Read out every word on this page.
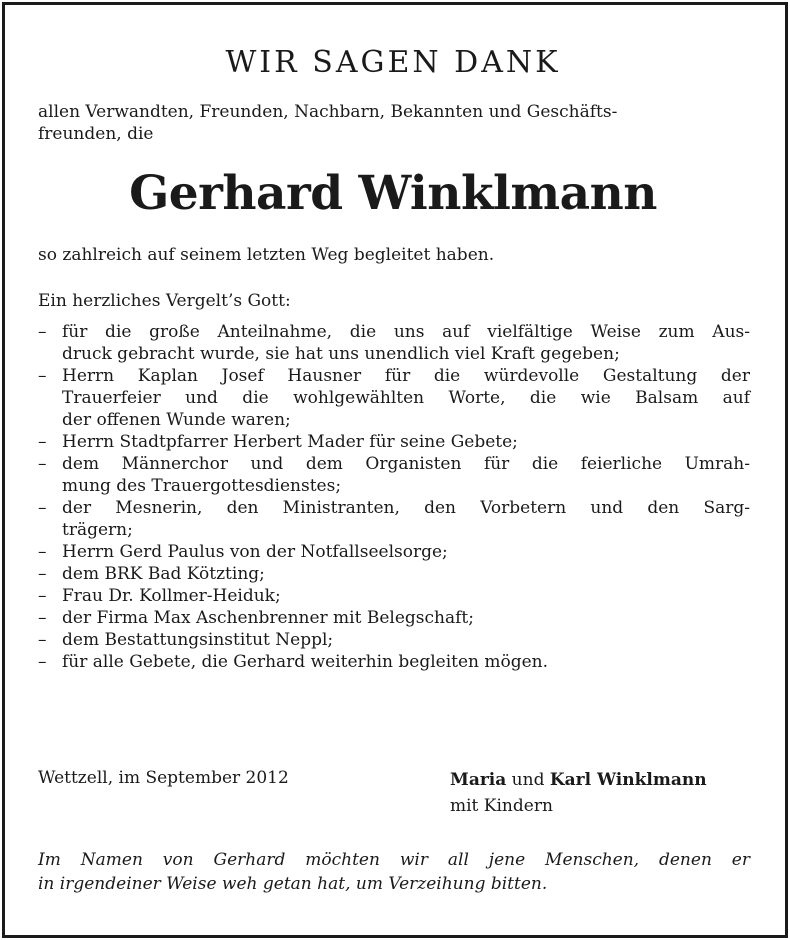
WIR SAGEN DANK
allen Verwandten, Freunden, Nachbarn, Bekannten und Geschäfts-
freunden, die
Gerhard Winklmann
so zahlreich auf seinem letzten Weg begleitet haben.
Ein herzliches Vergelt’s Gott:
– für die große Anteilnahme, die uns auf vielfältige Weise zum Aus-
druck gebracht wurde, sie hat uns unendlich viel Kraft gegeben;
– Herrn Kaplan Josef Hausner für die würdevolle Gestaltung der
Trauerfeier und die wohlgewählten Worte, die wie Balsam auf
der offenen Wunde waren;
– Herrn Stadtpfarrer Herbert Mader für seine Gebete;
– dem Männerchor und dem Organisten für die feierliche Umrah-
mung des Trauergottesdienstes;
– der Mesnerin, den Ministranten, den Vorbetern und den Sarg-
trägern;
– Herrn Gerd Paulus von der Notfallseelsorge;
– dem BRK Bad Kötzting;
– Frau Dr. Kollmer-Heiduk;
– der Firma Max Aschenbrenner mit Belegschaft;
– dem Bestattungsinstitut Neppl;
– für alle Gebete, die Gerhard weiterhin begleiten mögen.
Wettzell, im September 2012	Maria und Karl Winklmann
mit Kindern
Im Namen von Gerhard möchten wir all jene Menschen, denen er
in irgendeiner Weise weh getan hat, um Verzeihung bitten.
